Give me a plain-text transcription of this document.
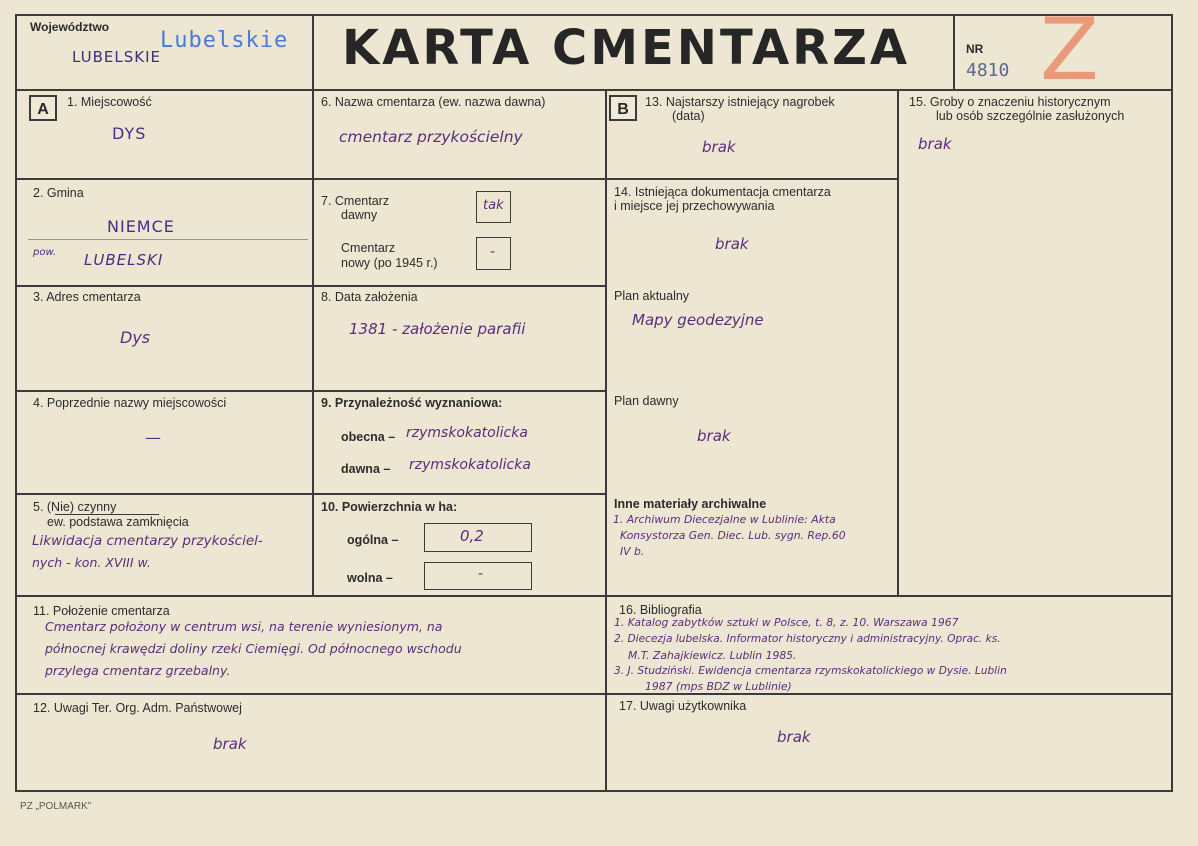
Województwo
LUBELSKIE
Lubelskie KARTA CMENTARZA	NR
4810 Z
A	1. Miejscowość
DYS
2. Gmina
NIEMCE
pow. LUBELSKI
3. Adres cmentarza
Dys
4. Poprzednie nazwy miejscowości
—
5. (Nie) czynny
ew. podstawa zamknięcia
Likwidacja cmentarzy przykościel-
nych - kon. XVIII w.
6. Nazwa cmentarza (ew. nazwa dawna)
cmentarz przykościelny
7. Cmentarz
dawny
tak
Cmentarz
nowy (po 1945 r.)
-
8. Data założenia
1381 - założenie parafii
9. Przynależność wyznaniowa:
obecna – rzymskokatolicka
dawna – rzymskokatolicka
10. Powierzchnia w ha:
ogólna –	0,2
wolna –	-
B	13. Najstarszy istniejący nagrobek
(data)
brak
14. Istniejąca dokumentacja cmentarza
i miejsce jej przechowywania
brak
Plan aktualny
Mapy geodezyjne
Plan dawny
brak
Inne materiały archiwalne
1. Archiwum Diecezjalne w Lublinie: Akta
Konsystorza Gen. Diec. Lub. sygn. Rep.60
IV b.
15. Groby o znaczeniu historycznym
lub osób szczególnie zasłużonych
brak
11. Położenie cmentarza
Cmentarz położony w centrum wsi, na terenie wyniesionym, na
północnej krawędzi doliny rzeki Ciemięgi. Od północnego wschodu
przylega cmentarz grzebalny.
12. Uwagi Ter. Org. Adm. Państwowej
brak
16. Bibliografia
1. Katalog zabytków sztuki w Polsce, t. 8, z. 10. Warszawa 1967
2. Diecezja lubelska. Informator historyczny i administracyjny. Oprac. ks.
M.T. Zahajkiewicz. Lublin 1985.
3. J. Studziński. Ewidencja cmentarza rzymskokatolickiego w Dysie. Lublin
1987 (mps BDZ w Lublinie)
17. Uwagi użytkownika
brak
PZ „POLMARK”
